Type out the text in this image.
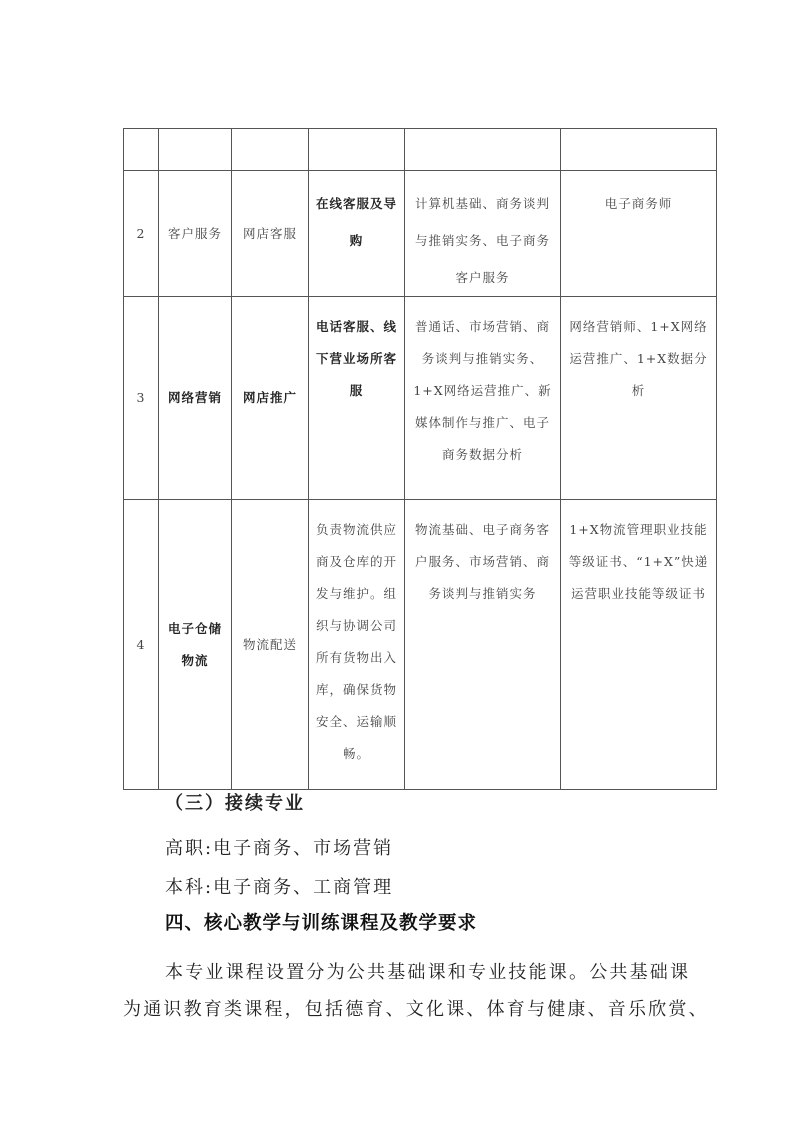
2	客户服务	网店客服	在线客服及导购	计算机基础、商务谈判与推销实务、电子商务客户服务	电子商务师
3	网络营销	网店推广	电话客服、线下营业场所客服	普通话、市场营销、商务谈判与推销实务、1+X网络运营推广、新媒体制作与推广、电子商务数据分析	网络营销师、1+X网络运营推广、1+X数据分析
4	电子仓储物流	物流配送	负责物流供应商及仓库的开发与维护。组织与协调公司所有货物出入库，确保货物安全、运输顺畅。	物流基础、电子商务客户服务、市场营销、商务谈判与推销实务	1+X物流管理职业技能等级证书、“1+X”快递运营职业技能等级证书
（三）接续专业
高职:电子商务、市场营销
本科:电子商务、工商管理
四、核心教学与训练课程及教学要求
本专业课程设置分为公共基础课和专业技能课。公共基础课
为通识教育类课程，包括德育、文化课、体育与健康、音乐欣赏、
